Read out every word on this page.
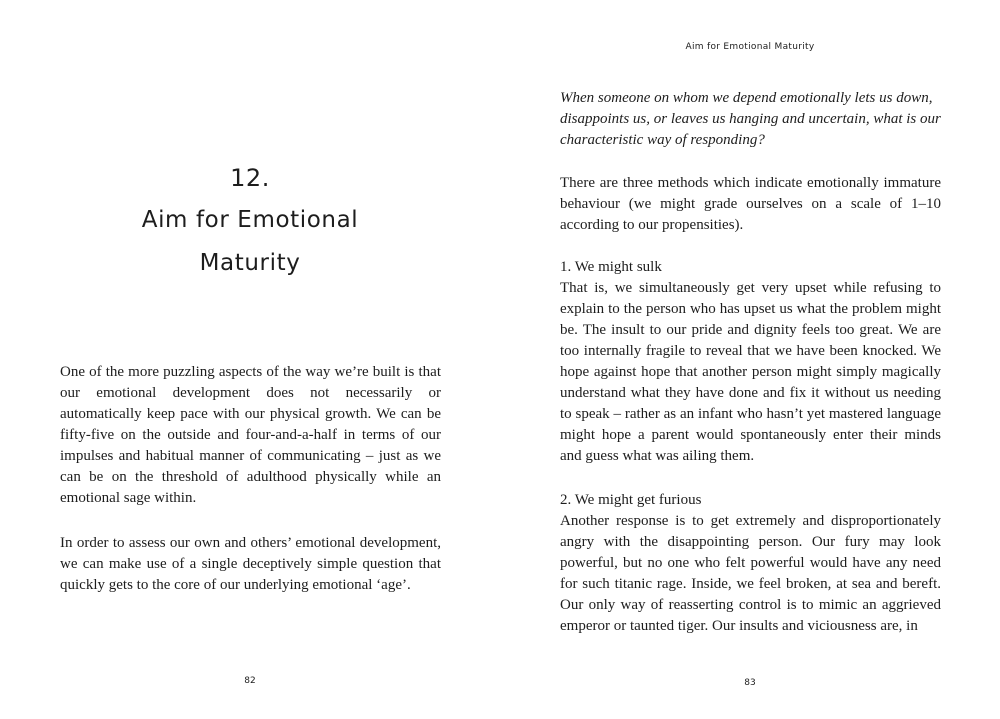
12.
Aim for Emotional Maturity

One of the more puzzling aspects of the way we’re built is that our emotional development does not necessarily or automatically keep pace with our physical growth. We can be fifty-five on the outside and four-and-a-half in terms of our impulses and habitual manner of communicating – just as we can be on the threshold of adulthood physically while an emotional sage within.

In order to assess our own and others’ emotional development, we can make use of a single deceptively simple question that quickly gets to the core of our underlying emotional ‘age’.

82

Aim for Emotional Maturity

When someone on whom we depend emotionally lets us down, disappoints us, or leaves us hanging and uncertain, what is our characteristic way of responding?

There are three methods which indicate emotionally immature behaviour (we might grade ourselves on a scale of 1–10 according to our propensities).

1. We might sulk

That is, we simultaneously get very upset while refusing to explain to the person who has upset us what the problem might be. The insult to our pride and dignity feels too great. We are too internally fragile to reveal that we have been knocked. We hope against hope that another person might simply magically understand what they have done and fix it without us needing to speak – rather as an infant who hasn’t yet mastered language might hope a parent would spontaneously enter their minds and guess what was ailing them.

2. We might get furious

Another response is to get extremely and disproportionately angry with the disappointing person. Our fury may look powerful, but no one who felt powerful would have any need for such titanic rage. Inside, we feel broken, at sea and bereft. Our only way of reasserting control is to mimic an aggrieved emperor or taunted tiger. Our insults and viciousness are, in

83
